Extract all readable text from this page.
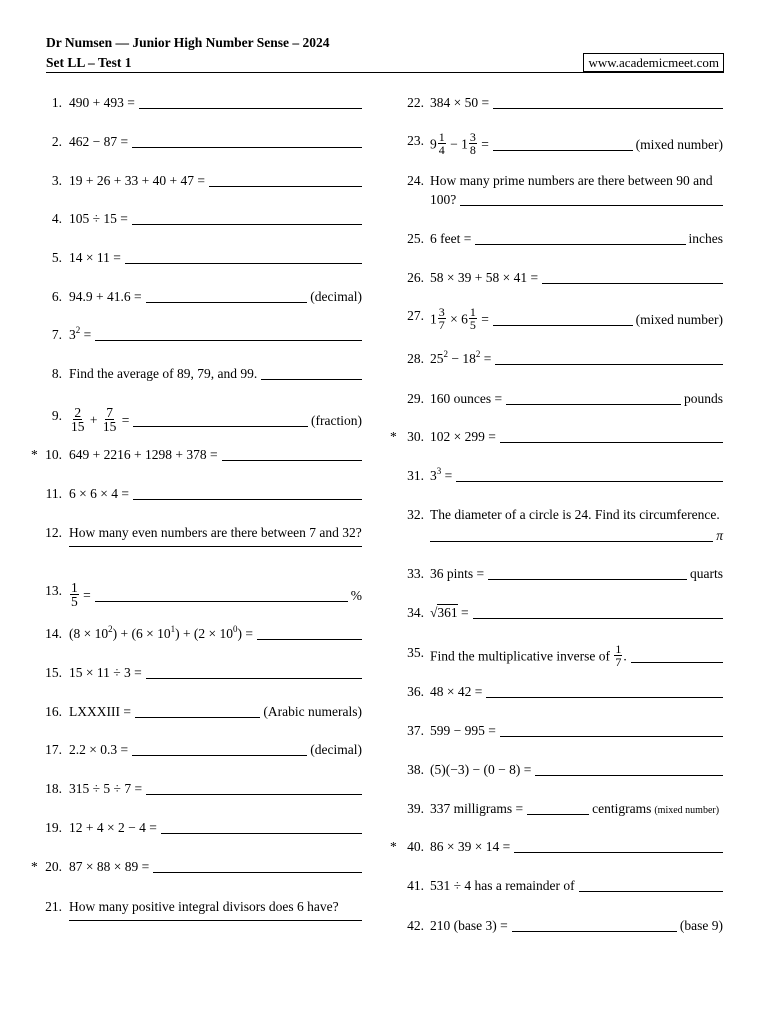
Dr Numsen — Junior High Number Sense – 2024
Set LL – Test 1	www.academicmeet.com
1. 490 + 493 =
2. 462 − 87 =
3. 19 + 26 + 33 + 40 + 47 =
4. 105 ÷ 15 =
5. 14 × 11 =
6. 94.9 + 41.6 =	(decimal)
7. $3^2$ =
8. Find the average of 89, 79, and 99.
9. $\frac{2}{15} + \frac{7}{15}$ =	(fraction)
* 10. 649 + 2216 + 1298 + 378 =
11. 6 × 6 × 4 =
12. How many even numbers are there between 7 and 32?
13. $\frac{1}{5}$ =	%
14. $(8 \times 10^2) + (6 \times 10^1) + (2 \times 10^0)$ =
15. 15 × 11 ÷ 3 =
16. LXXXIII =	(Arabic numerals)
17. 2.2 × 0.3 =	(decimal)
18. 315 ÷ 5 ÷ 7 =
19. 12 + 4 × 2 − 4 =
* 20. 87 × 88 × 89 =
21. How many positive integral divisors does 6 have?
22. 384 × 50 =
23. $9 \frac{1}{4} - 1 \frac{3}{8}$ =	(mixed number)
24. How many prime numbers are there between 90 and
100?
25. 6 feet =	inches
26. 58 × 39 + 58 × 41 =
27. $1 \frac{3}{7} \times 6 \frac{1}{5}$ =	(mixed number)
28. $25^2 - 18^2$ =
29. 160 ounces =	pounds
* 30. 102 × 299 =
31. $3^3$ =
32. The diameter of a circle is 24. Find its circumference.
π
33. 36 pints =	quarts
34. √361 =
35. Find the multiplicative inverse of $\frac{1}{7}$ .
36. 48 × 42 =
37. 599 − 995 =
38. (5)(−3) − (0 − 8) =
39. 337 milligrams =	centigrams (mixed number)
* 40. 86 × 39 × 14 =
41. 531 ÷ 4 has a remainder of
42. 210 (base 3) =	(base 9)
